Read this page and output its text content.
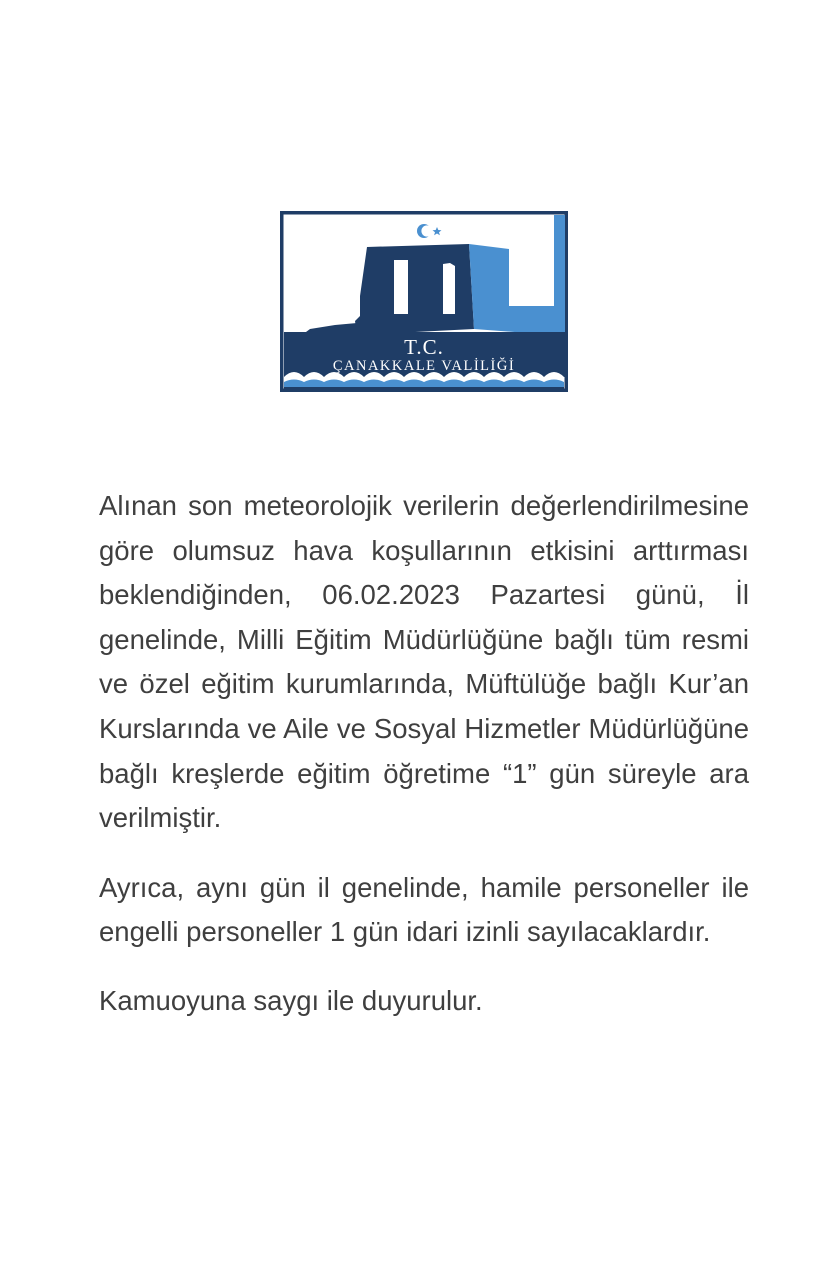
T.C.
ÇANAKKALE VALİLİĞİ

Alınan son meteorolojik verilerin değerlendirilmesine göre olumsuz hava koşullarının etkisini arttırması beklendiğinden, 06.02.2023 Pazartesi günü, İl genelinde, Milli Eğitim Müdürlüğüne bağlı tüm resmi ve özel eğitim kurumlarında, Müftülüğe bağlı Kur’an Kurslarında ve Aile ve Sosyal Hizmetler Müdürlüğüne bağlı kreşlerde eğitim öğretime “1” gün süreyle ara verilmiştir.

Ayrıca, aynı gün il genelinde, hamile personeller ile engelli personeller 1 gün idari izinli sayılacaklardır.

Kamuoyuna saygı ile duyurulur.
